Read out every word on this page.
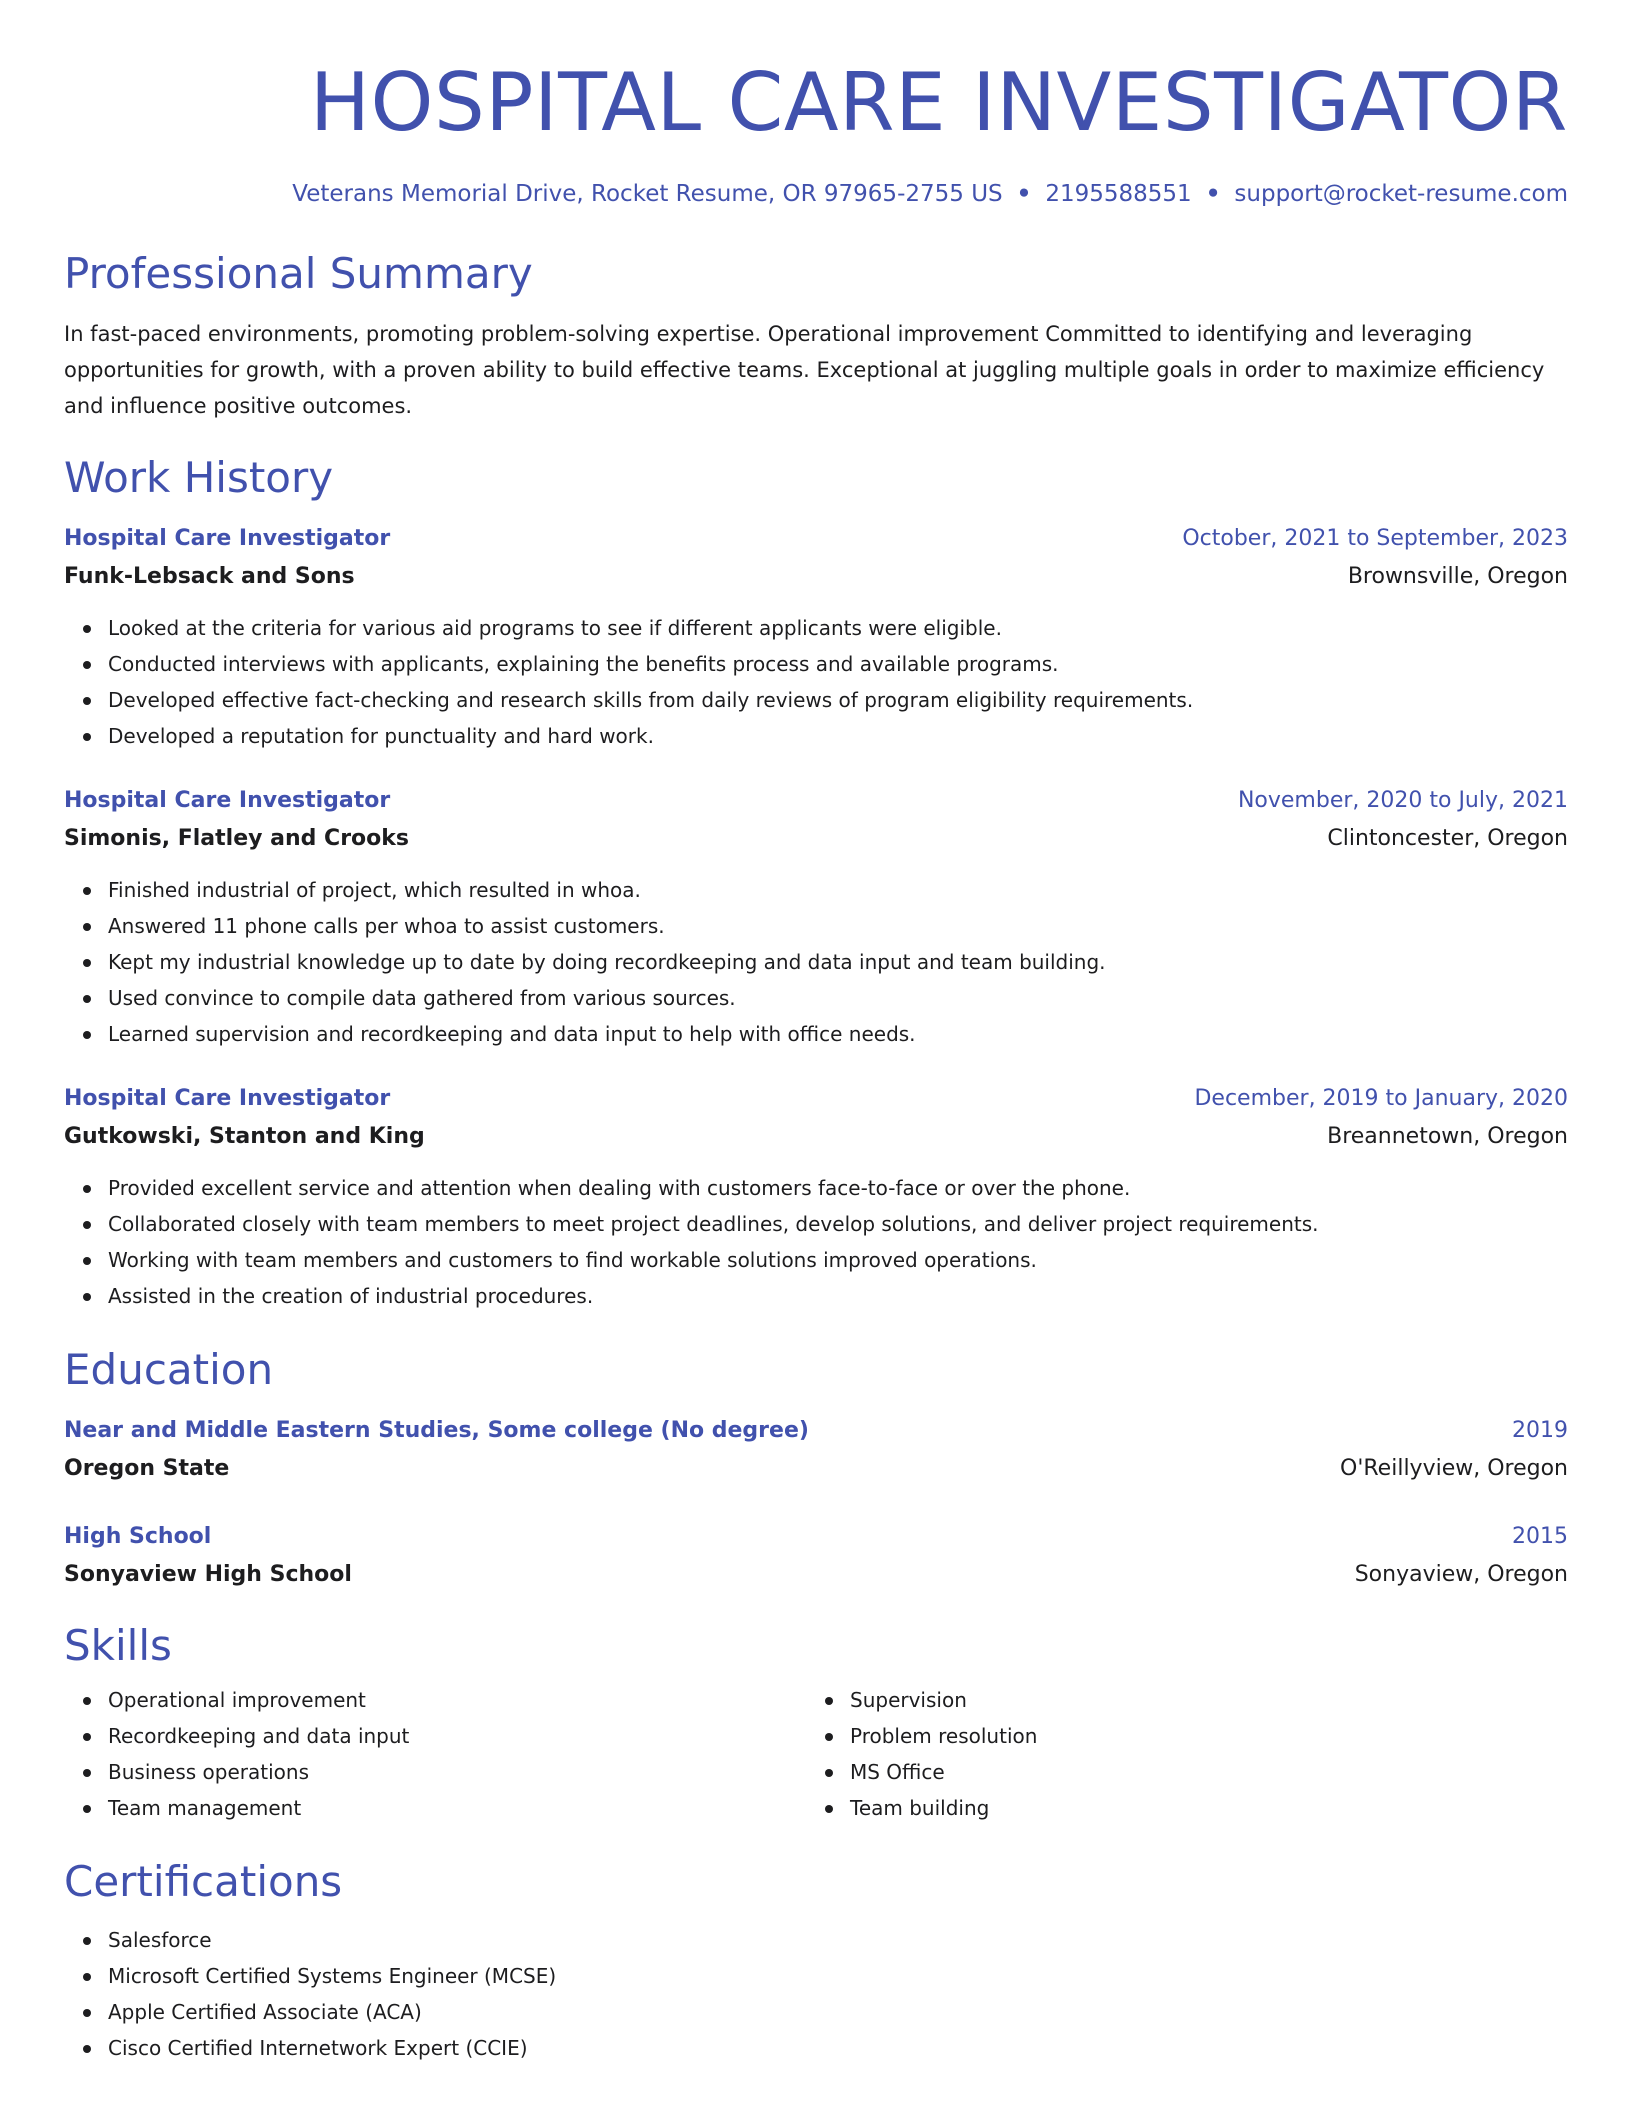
HOSPITAL CARE INVESTIGATOR
Veterans Memorial Drive, Rocket Resume, OR 97965-2755 US • 2195588551 • support@rocket-resume.com
Professional Summary
In fast-paced environments, promoting problem-solving expertise. Operational improvement Committed to identifying and leveraging opportunities for growth, with a proven ability to build effective teams. Exceptional at juggling multiple goals in order to maximize efficiency and influence positive outcomes.
Work History
Hospital Care Investigator	October, 2021 to September, 2023
Funk-Lebsack and Sons	Brownsville, Oregon
Looked at the criteria for various aid programs to see if different applicants were eligible.
Conducted interviews with applicants, explaining the benefits process and available programs.
Developed effective fact-checking and research skills from daily reviews of program eligibility requirements.
Developed a reputation for punctuality and hard work.
Hospital Care Investigator	November, 2020 to July, 2021
Simonis, Flatley and Crooks	Clintoncester, Oregon
Finished industrial of project, which resulted in whoa.
Answered 11 phone calls per whoa to assist customers.
Kept my industrial knowledge up to date by doing recordkeeping and data input and team building.
Used convince to compile data gathered from various sources.
Learned supervision and recordkeeping and data input to help with office needs.
Hospital Care Investigator	December, 2019 to January, 2020
Gutkowski, Stanton and King	Breannetown, Oregon
Provided excellent service and attention when dealing with customers face-to-face or over the phone.
Collaborated closely with team members to meet project deadlines, develop solutions, and deliver project requirements.
Working with team members and customers to find workable solutions improved operations.
Assisted in the creation of industrial procedures.
Education
Near and Middle Eastern Studies, Some college (No degree)	2019
Oregon State	O'Reillyview, Oregon
High School	2015
Sonyaview High School	Sonyaview, Oregon
Skills
Operational improvement
Recordkeeping and data input
Business operations
Team management
Supervision
Problem resolution
MS Office
Team building
Certifications
Salesforce
Microsoft Certified Systems Engineer (MCSE)
Apple Certified Associate (ACA)
Cisco Certified Internetwork Expert (CCIE)
